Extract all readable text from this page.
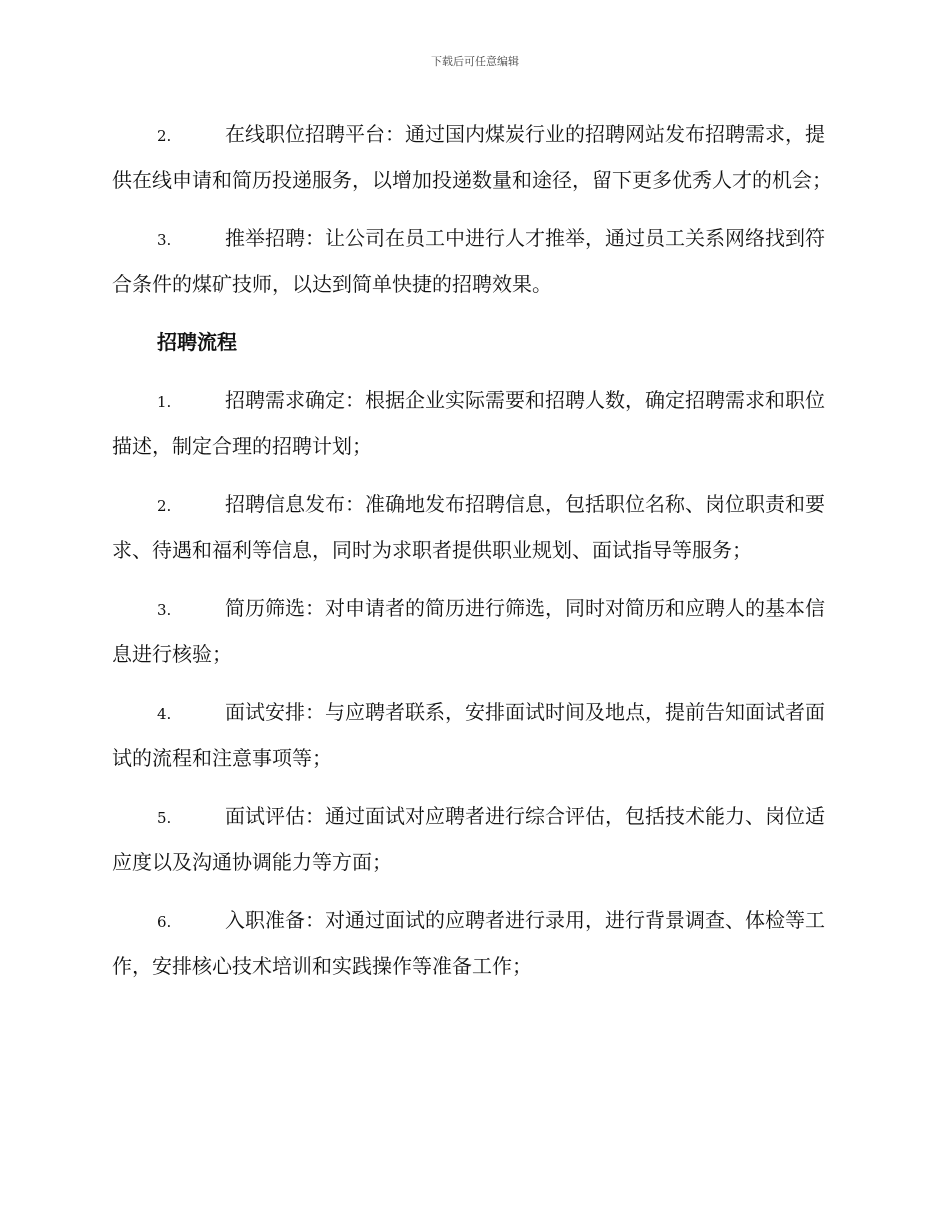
下载后可任意编辑

2.	在线职位招聘平台：通过国内煤炭行业的招聘网站发布招聘需求，提供在线申请和简历投递服务，以增加投递数量和途径，留下更多优秀人才的机会；

3.	推举招聘：让公司在员工中进行人才推举，通过员工关系网络找到符合条件的煤矿技师，以达到简单快捷的招聘效果。

招聘流程

1.	招聘需求确定：根据企业实际需要和招聘人数，确定招聘需求和职位描述，制定合理的招聘计划；

2.	招聘信息发布：准确地发布招聘信息，包括职位名称、岗位职责和要求、待遇和福利等信息，同时为求职者提供职业规划、面试指导等服务；

3.	简历筛选：对申请者的简历进行筛选，同时对简历和应聘人的基本信息进行核验；

4.	面试安排：与应聘者联系，安排面试时间及地点，提前告知面试者面试的流程和注意事项等；

5.	面试评估：通过面试对应聘者进行综合评估，包括技术能力、岗位适应度以及沟通协调能力等方面；

6.	入职准备：对通过面试的应聘者进行录用，进行背景调查、体检等工作，安排核心技术培训和实践操作等准备工作；
